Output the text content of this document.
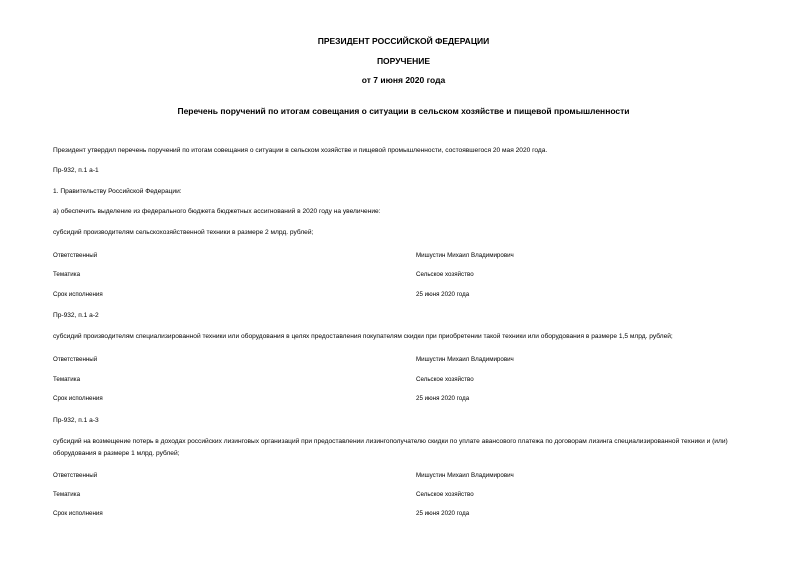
ПРЕЗИДЕНТ РОССИЙСКОЙ ФЕДЕРАЦИИ
ПОРУЧЕНИЕ
от 7 июня 2020 года
Перечень поручений по итогам совещания о ситуации в сельском хозяйстве и пищевой промышленности
Президент утвердил перечень поручений по итогам совещания о ситуации в сельском хозяйстве и пищевой промышленности, состоявшегося 20 мая 2020 года.
Пр-932, п.1 а-1
1. Правительству Российской Федерации:
а) обеспечить выделение из федерального бюджета бюджетных ассигнований в 2020 году на увеличение:
субсидий производителям сельскохозяйственной техники в размере 2 млрд. рублей;
Ответственный	Мишустин Михаил Владимирович
Тематика	Сельское хозяйство
Срок исполнения	25 июня 2020 года
Пр-932, п.1 а-2
субсидий производителям специализированной техники или оборудования в целях предоставления покупателям скидки при приобретении такой техники или оборудования в размере 1,5 млрд. рублей;
Ответственный	Мишустин Михаил Владимирович
Тематика	Сельское хозяйство
Срок исполнения	25 июня 2020 года
Пр-932, п.1 а-3
субсидий на возмещение потерь в доходах российских лизинговых организаций при предоставлении лизингополучателю скидки по уплате авансового платежа по договорам лизинга специализированной техники и (или) оборудования в размере 1 млрд. рублей;
Ответственный	Мишустин Михаил Владимирович
Тематика	Сельское хозяйство
Срок исполнения	25 июня 2020 года
